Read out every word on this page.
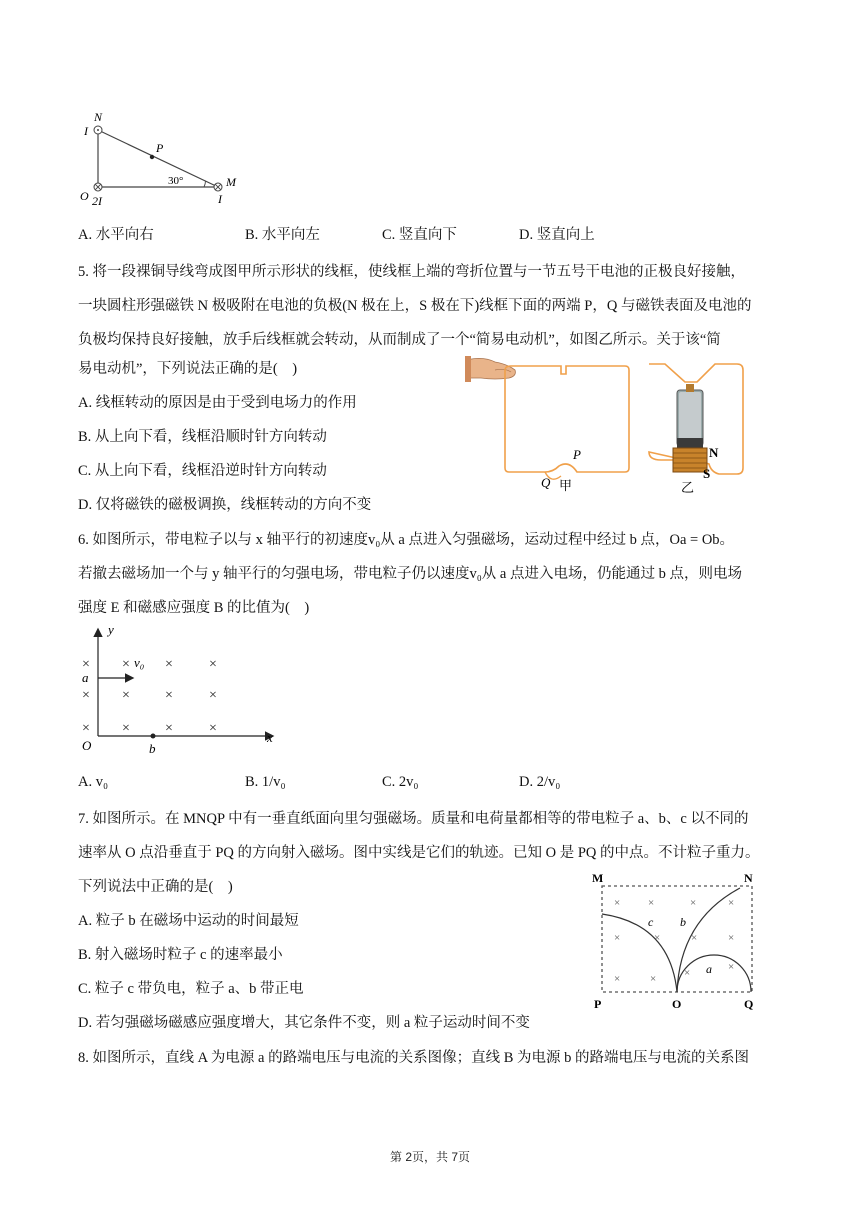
N
I
P
O 2I
30°	M
I
A. 水平向右	B. 水平向左	C. 竖直向下	D. 竖直向上
5. 将一段裸铜导线弯成图甲所示形状的线框，使线框上端的弯折位置与一节五号干电池的正极良好接触，
一块圆柱形强磁铁 N 极吸附在电池的负极(N 极在上，S 极在下)线框下面的两端 P，Q 与磁铁表面及电池的
负极均保持良好接触，放手后线框就会转动，从而制成了一个“简易电动机”，如图乙所示。关于该“简
易电动机”，下列说法正确的是(　)
A. 线框转动的原因是由于受到电场力的作用
B. 从上向下看，线框沿顺时针方向转动
C. 从上向下看，线框沿逆时针方向转动
D. 仅将磁铁的磁极调换，线框转动的方向不变
P
Q 甲
N
S
乙
6. 如图所示，带电粒子以与 x 轴平行的初速度v₀从 a 点进入匀强磁场，运动过程中经过 b 点，Oa = Ob。
若撤去磁场加一个与 y 轴平行的匀强电场，带电粒子仍以速度v₀从 a 点进入电场，仍能通过 b 点，则电场
强度 E 和磁感应强度 B 的比值为(　)
× ×	×	×
× ×	×	×
× ×	×	×
y
v₀
a
O	b
x
A. v₀	B. 1/v₀	C. 2v₀	D. 2/v₀
7. 如图所示。在 MNQP 中有一垂直纸面向里匀强磁场。质量和电荷量都相等的带电粒子 a、b、c 以不同的
速率从 O 点沿垂直于 PQ 的方向射入磁场。图中实线是它们的轨迹。已知 O 是 PQ 的中点。不计粒子重力。
下列说法中正确的是(　)
A. 粒子 b 在磁场中运动的时间最短
B. 射入磁场时粒子 c 的速率最小
C. 粒子 c 带负电，粒子 a、b 带正电
D. 若匀强磁场磁感应强度增大，其它条件不变，则 a 粒子运动时间不变
×	×	×	×
×	×	×	×
×	×	×	×
M	N
P	O	Q
a
b
c
8. 如图所示，直线 A 为电源 a 的路端电压与电流的关系图像；直线 B 为电源 b 的路端电压与电流的关系图
第 2页，共 7页
